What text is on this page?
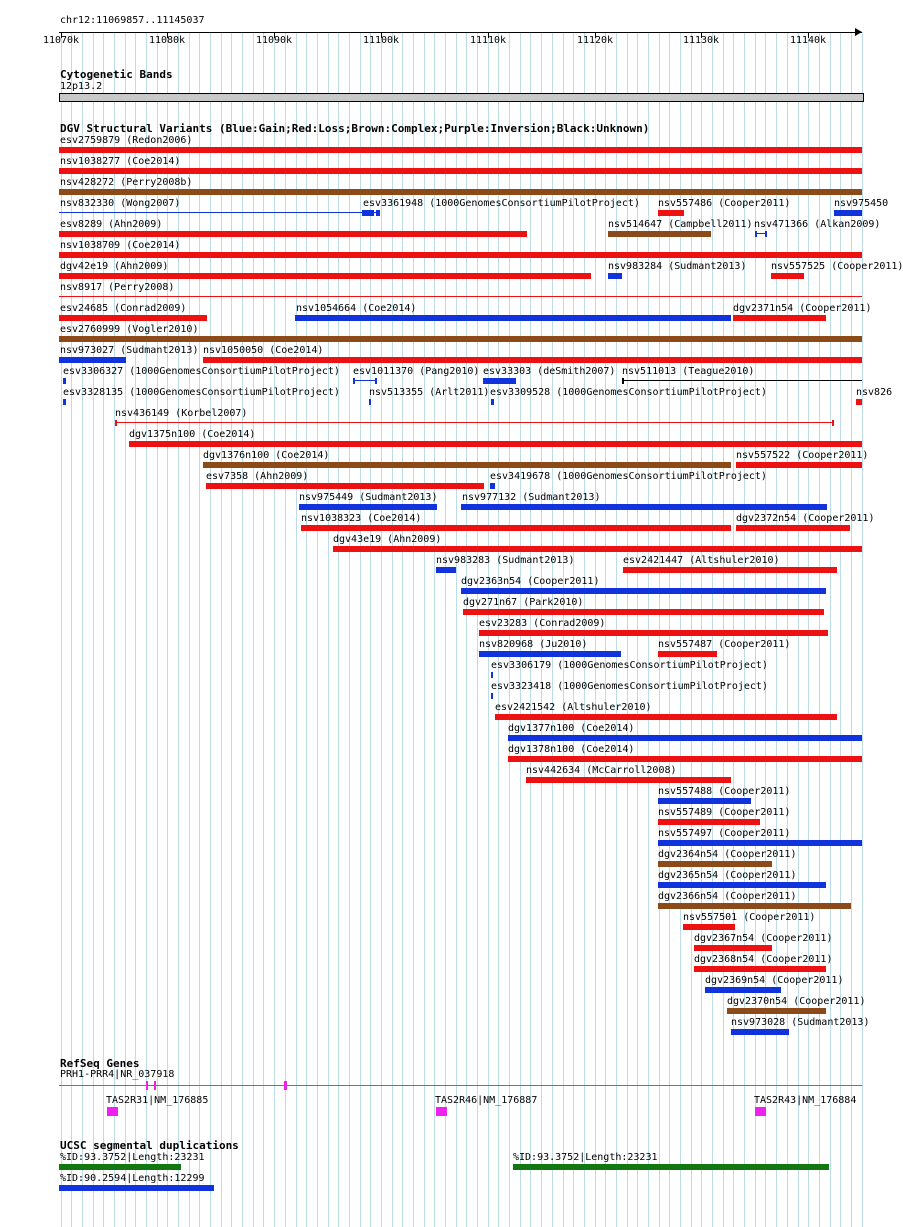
chr12:11069857..11145037
11070k	11080k	11090k	11100k	11110k	11120k	11130k	11140k
Cytogenetic Bands
12p13.2
DGV Structural Variants (Blue:Gain;Red:Loss;Brown:Complex;Purple:Inversion;Black:Unknown)
esv2759879 (Redon2006)
nsv1038277 (Coe2014)
nsv428272 (Perry2008b)
nsv832330 (Wong2007)	esv3361948 (1000GenomesConsortiumPilotProject) nsv557486 (Cooper2011)	nsv975450
esv8289 (Ahn2009)	nsv514647 (Campbell2011) nsv471366 (Alkan2009)
nsv1038709 (Coe2014)
dgv42e19 (Ahn2009)	nsv983284 (Sudmant2013) nsv557525 (Cooper2011)
nsv8917 (Perry2008)
esv24685 (Conrad2009)	nsv1054664 (Coe2014)	dgv2371n54 (Cooper2011)
esv2760999 (Vogler2010)
nsv973027 (Sudmant2013) nsv1050050 (Coe2014)
esv3306327 (1000GenomesConsortiumPilotProject) esv1011370 (Pang2010) esv33303 (deSmith2007) nsv511013 (Teague2010)
esv3328135 (1000GenomesConsortiumPilotProject)	nsv513355 (Arlt2011) esv3309528 (1000GenomesConsortiumPilotProject)	nsv826
nsv436149 (Korbel2007)
dgv1375n100 (Coe2014)
dgv1376n100 (Coe2014)	nsv557522 (Cooper2011)
esv7358 (Ahn2009)	esv3419678 (1000GenomesConsortiumPilotProject)
nsv975449 (Sudmant2013) nsv977132 (Sudmant2013)
nsv1038323 (Coe2014)	dgv2372n54 (Cooper2011)
dgv43e19 (Ahn2009)
nsv983283 (Sudmant2013)	esv2421447 (Altshuler2010)
dgv2363n54 (Cooper2011)
dgv271n67 (Park2010)
esv23283 (Conrad2009)
nsv820968 (Ju2010)	nsv557487 (Cooper2011)
esv3306179 (1000GenomesConsortiumPilotProject)
esv3323418 (1000GenomesConsortiumPilotProject)
esv2421542 (Altshuler2010)
dgv1377n100 (Coe2014)
dgv1378n100 (Coe2014)
nsv442634 (McCarroll2008)
nsv557488 (Cooper2011)
nsv557489 (Cooper2011)
nsv557497 (Cooper2011)
dgv2364n54 (Cooper2011)
dgv2365n54 (Cooper2011)
dgv2366n54 (Cooper2011)
nsv557501 (Cooper2011)
dgv2367n54 (Cooper2011)
dgv2368n54 (Cooper2011)
dgv2369n54 (Cooper2011)
dgv2370n54 (Cooper2011)
nsv973028 (Sudmant2013)
RefSeq Genes
PRH1-PRR4|NR_037918
TAS2R31|NM_176885	TAS2R46|NM_176887	TAS2R43|NM_176884
UCSC segmental duplications
%ID:93.3752|Length:23231	%ID:93.3752|Length:23231
%ID:90.2594|Length:12299
